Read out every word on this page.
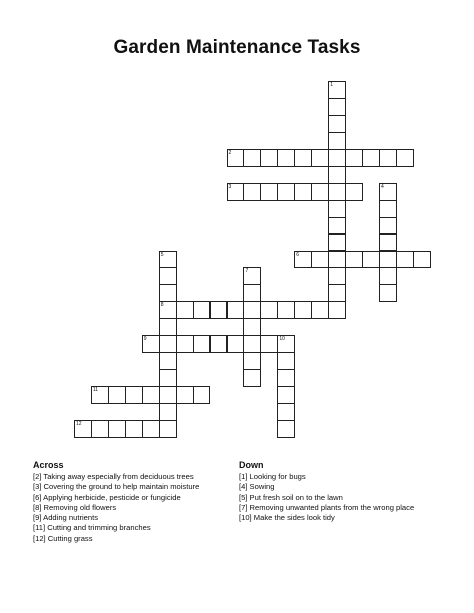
Garden Maintenance Tasks
2
3
6
8
9
11
12
1
4
5
7
10
Across
[2] Taking away especially from deciduous trees
[3] Covering the ground to help maintain moisture
[6] Applying herbicide, pesticide or fungicide
[8] Removing old flowers
[9] Adding nutrients
[11] Cutting and trimming branches
[12] Cutting grass
Down
[1] Looking for bugs
[4] Sowing
[5] Put fresh soil on to the lawn
[7] Removing unwanted plants from the wrong place
[10] Make the sides look tidy
